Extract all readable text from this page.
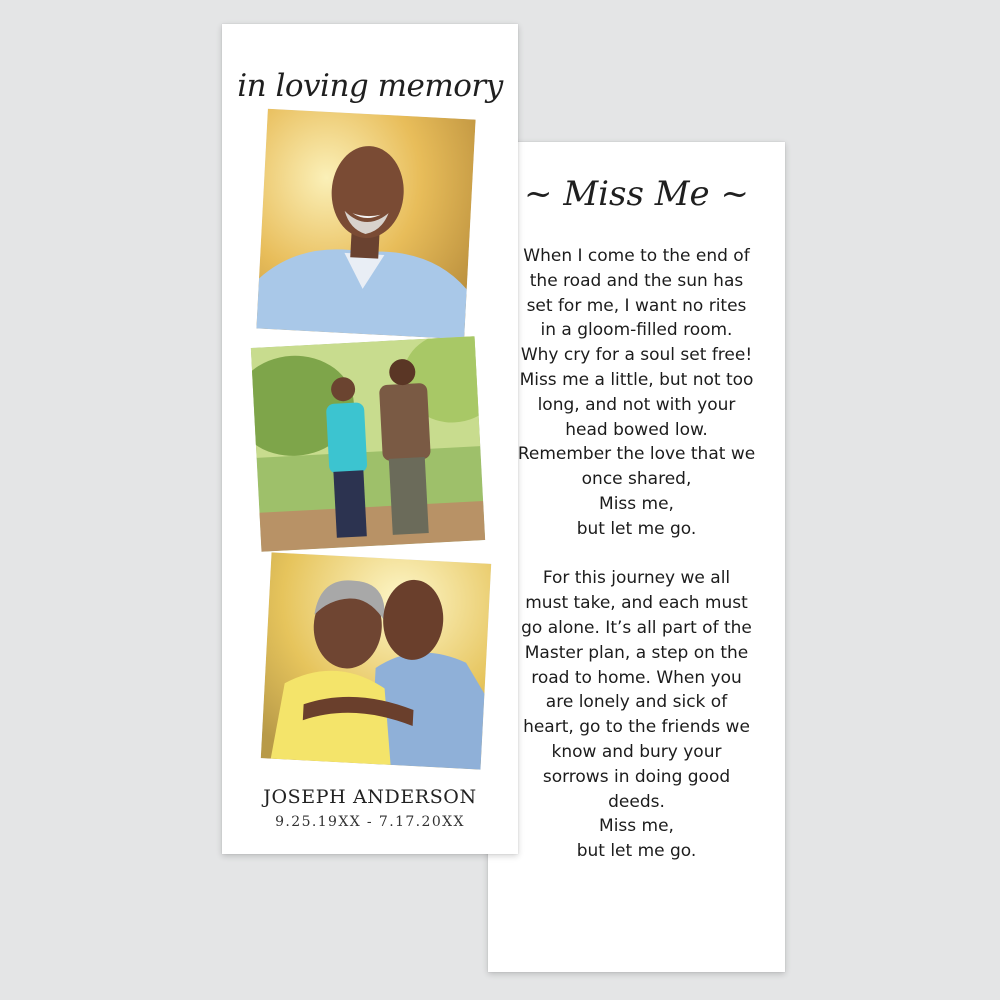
~ Miss Me ~
When I come to the end of
the road and the sun has
set for me, I want no rites
in a gloom-filled room.
Why cry for a soul set free!
Miss me a little, but not too
long, and not with your
head bowed low.
Remember the love that we
once shared,
Miss me,
but let me go.
For this journey we all
must take, and each must
go alone. It’s all part of the
Master plan, a step on the
road to home. When you
are lonely and sick of
heart, go to the friends we
know and bury your
sorrows in doing good
deeds.
Miss me,
but let me go.
in loving memory
JOSEPH ANDERSON
9.25.19XX - 7.17.20XX
